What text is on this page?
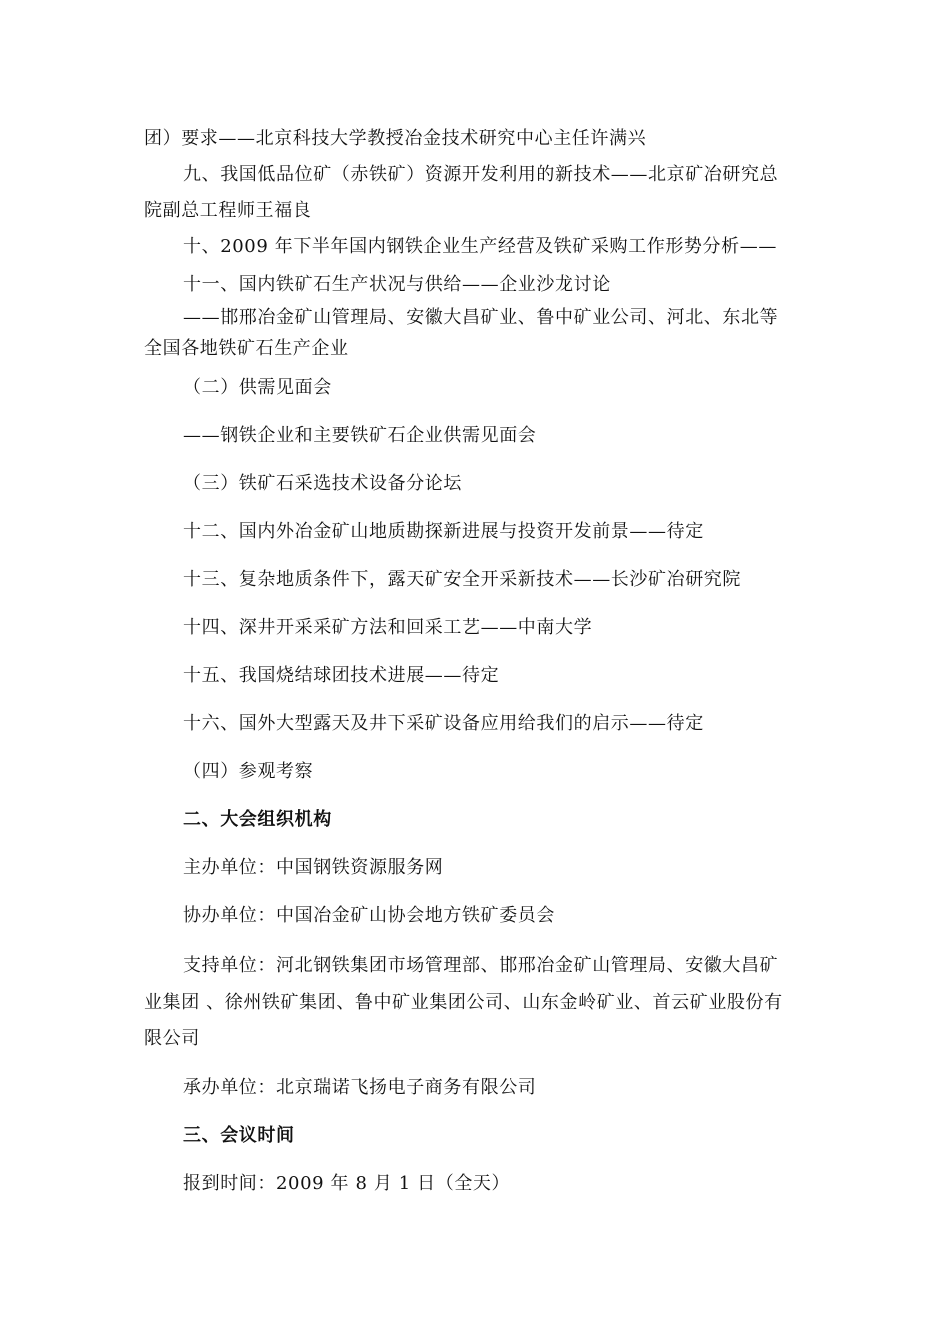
团）要求——北京科技大学教授冶金技术研究中心主任许满兴
九、我国低品位矿（赤铁矿）资源开发利用的新技术——北京矿冶研究总
院副总工程师王福良
十、2009 年下半年国内钢铁企业生产经营及铁矿采购工作形势分析——
十一、国内铁矿石生产状况与供给——企业沙龙讨论
——邯邢冶金矿山管理局、安徽大昌矿业、鲁中矿业公司、河北、东北等
全国各地铁矿石生产企业
（二）供需见面会
——钢铁企业和主要铁矿石企业供需见面会
（三）铁矿石采选技术设备分论坛
十二、国内外冶金矿山地质勘探新进展与投资开发前景——待定
十三、复杂地质条件下，露天矿安全开采新技术——长沙矿冶研究院
十四、深井开采采矿方法和回采工艺——中南大学
十五、我国烧结球团技术进展——待定
十六、国外大型露天及井下采矿设备应用给我们的启示——待定
（四）参观考察
二、大会组织机构
主办单位：中国钢铁资源服务网
协办单位：中国冶金矿山协会地方铁矿委员会
支持单位：河北钢铁集团市场管理部、邯邢冶金矿山管理局、安徽大昌矿
业集团 、徐州铁矿集团、鲁中矿业集团公司、山东金岭矿业、首云矿业股份有
限公司
承办单位：北京瑞诺飞扬电子商务有限公司
三、会议时间
报到时间：2009 年 8 月 1 日（全天）
